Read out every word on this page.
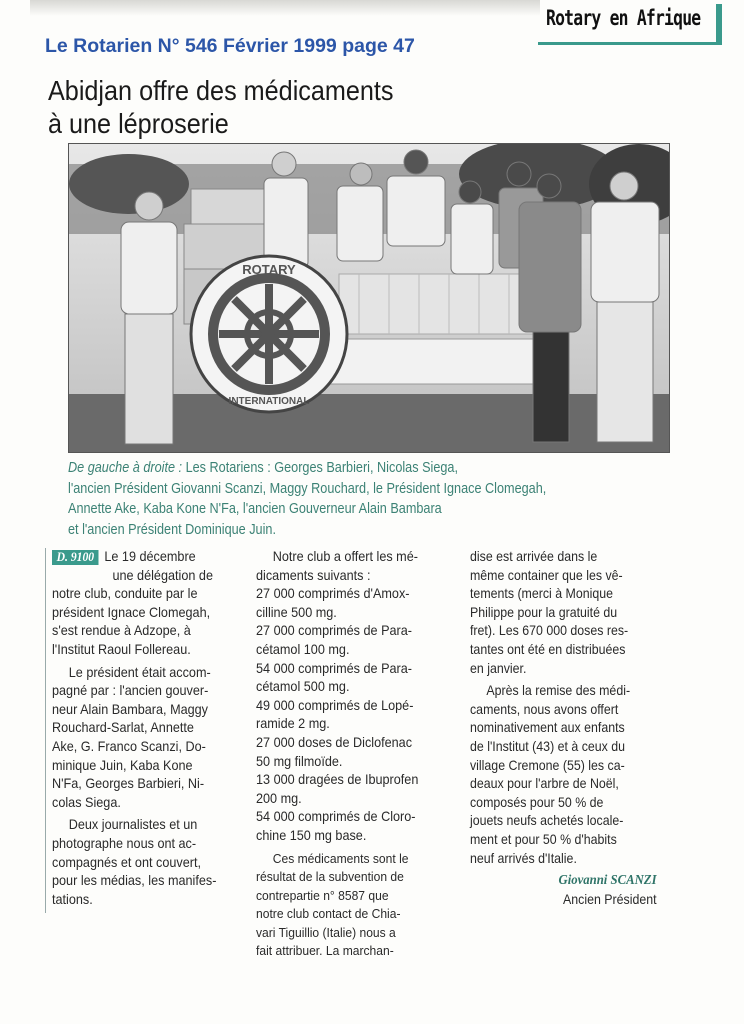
Rotary en Afrique
Le Rotarien N° 546 Février 1999 page 47
Abidjan offre des médicaments
à une léproserie
ROTARY
INTERNATIONAL
De gauche à droite : Les Rotariens : Georges Barbieri, Nicolas Siega,
l'ancien Président Giovanni Scanzi, Maggy Rouchard, le Président Ignace Clomegah,
Annette Ake, Kaba Kone N'Fa, l'ancien Gouverneur Alain Bambara
et l'ancien Président Dominique Juin.

D. 9100 Le 19 décembre
une délégation de
notre club, conduite par le
président Ignace Clomegah,
s'est rendue à Adzope, à
l'Institut Raoul Follereau.

Le président était accom-
pagné par : l'ancien gouver-
neur Alain Bambara, Maggy
Rouchard-Sarlat, Annette
Ake, G. Franco Scanzi, Do-
minique Juin, Kaba Kone
N'Fa, Georges Barbieri, Ni-
colas Siega.

Deux journalistes et un
photographe nous ont ac-
compagnés et ont couvert,
pour les médias, les manifes-
tations.

Notre club a offert les mé-
dicaments suivants :
27 000 comprimés d'Amox-
cilline 500 mg.
27 000 comprimés de Para-
cétamol 100 mg.
54 000 comprimés de Para-
cétamol 500 mg.
49 000 comprimés de Lopé-
ramide 2 mg.
27 000 doses de Diclofenac
50 mg filmoïde.
13 000 dragées de Ibuprofen
200 mg.
54 000 comprimés de Cloro-
chine 150 mg base.

Ces médicaments sont le
résultat de la subvention de
contrepartie n° 8587 que
notre club contact de Chia-
vari Tiguillio (Italie) nous a
fait attribuer. La marchan-

dise est arrivée dans le
même container que les vê-
tements (merci à Monique
Philippe pour la gratuité du
fret). Les 670 000 doses res-
tantes ont été en distribuées
en janvier.

Après la remise des médi-
caments, nous avons offert
nominativement aux enfants
de l'Institut (43) et à ceux du
village Cremone (55) les ca-
deaux pour l'arbre de Noël,
composés pour 50 % de
jouets neufs achetés locale-
ment et pour 50 % d'habits
neuf arrivés d'Italie.

Giovanni SCANZI
Ancien Président
